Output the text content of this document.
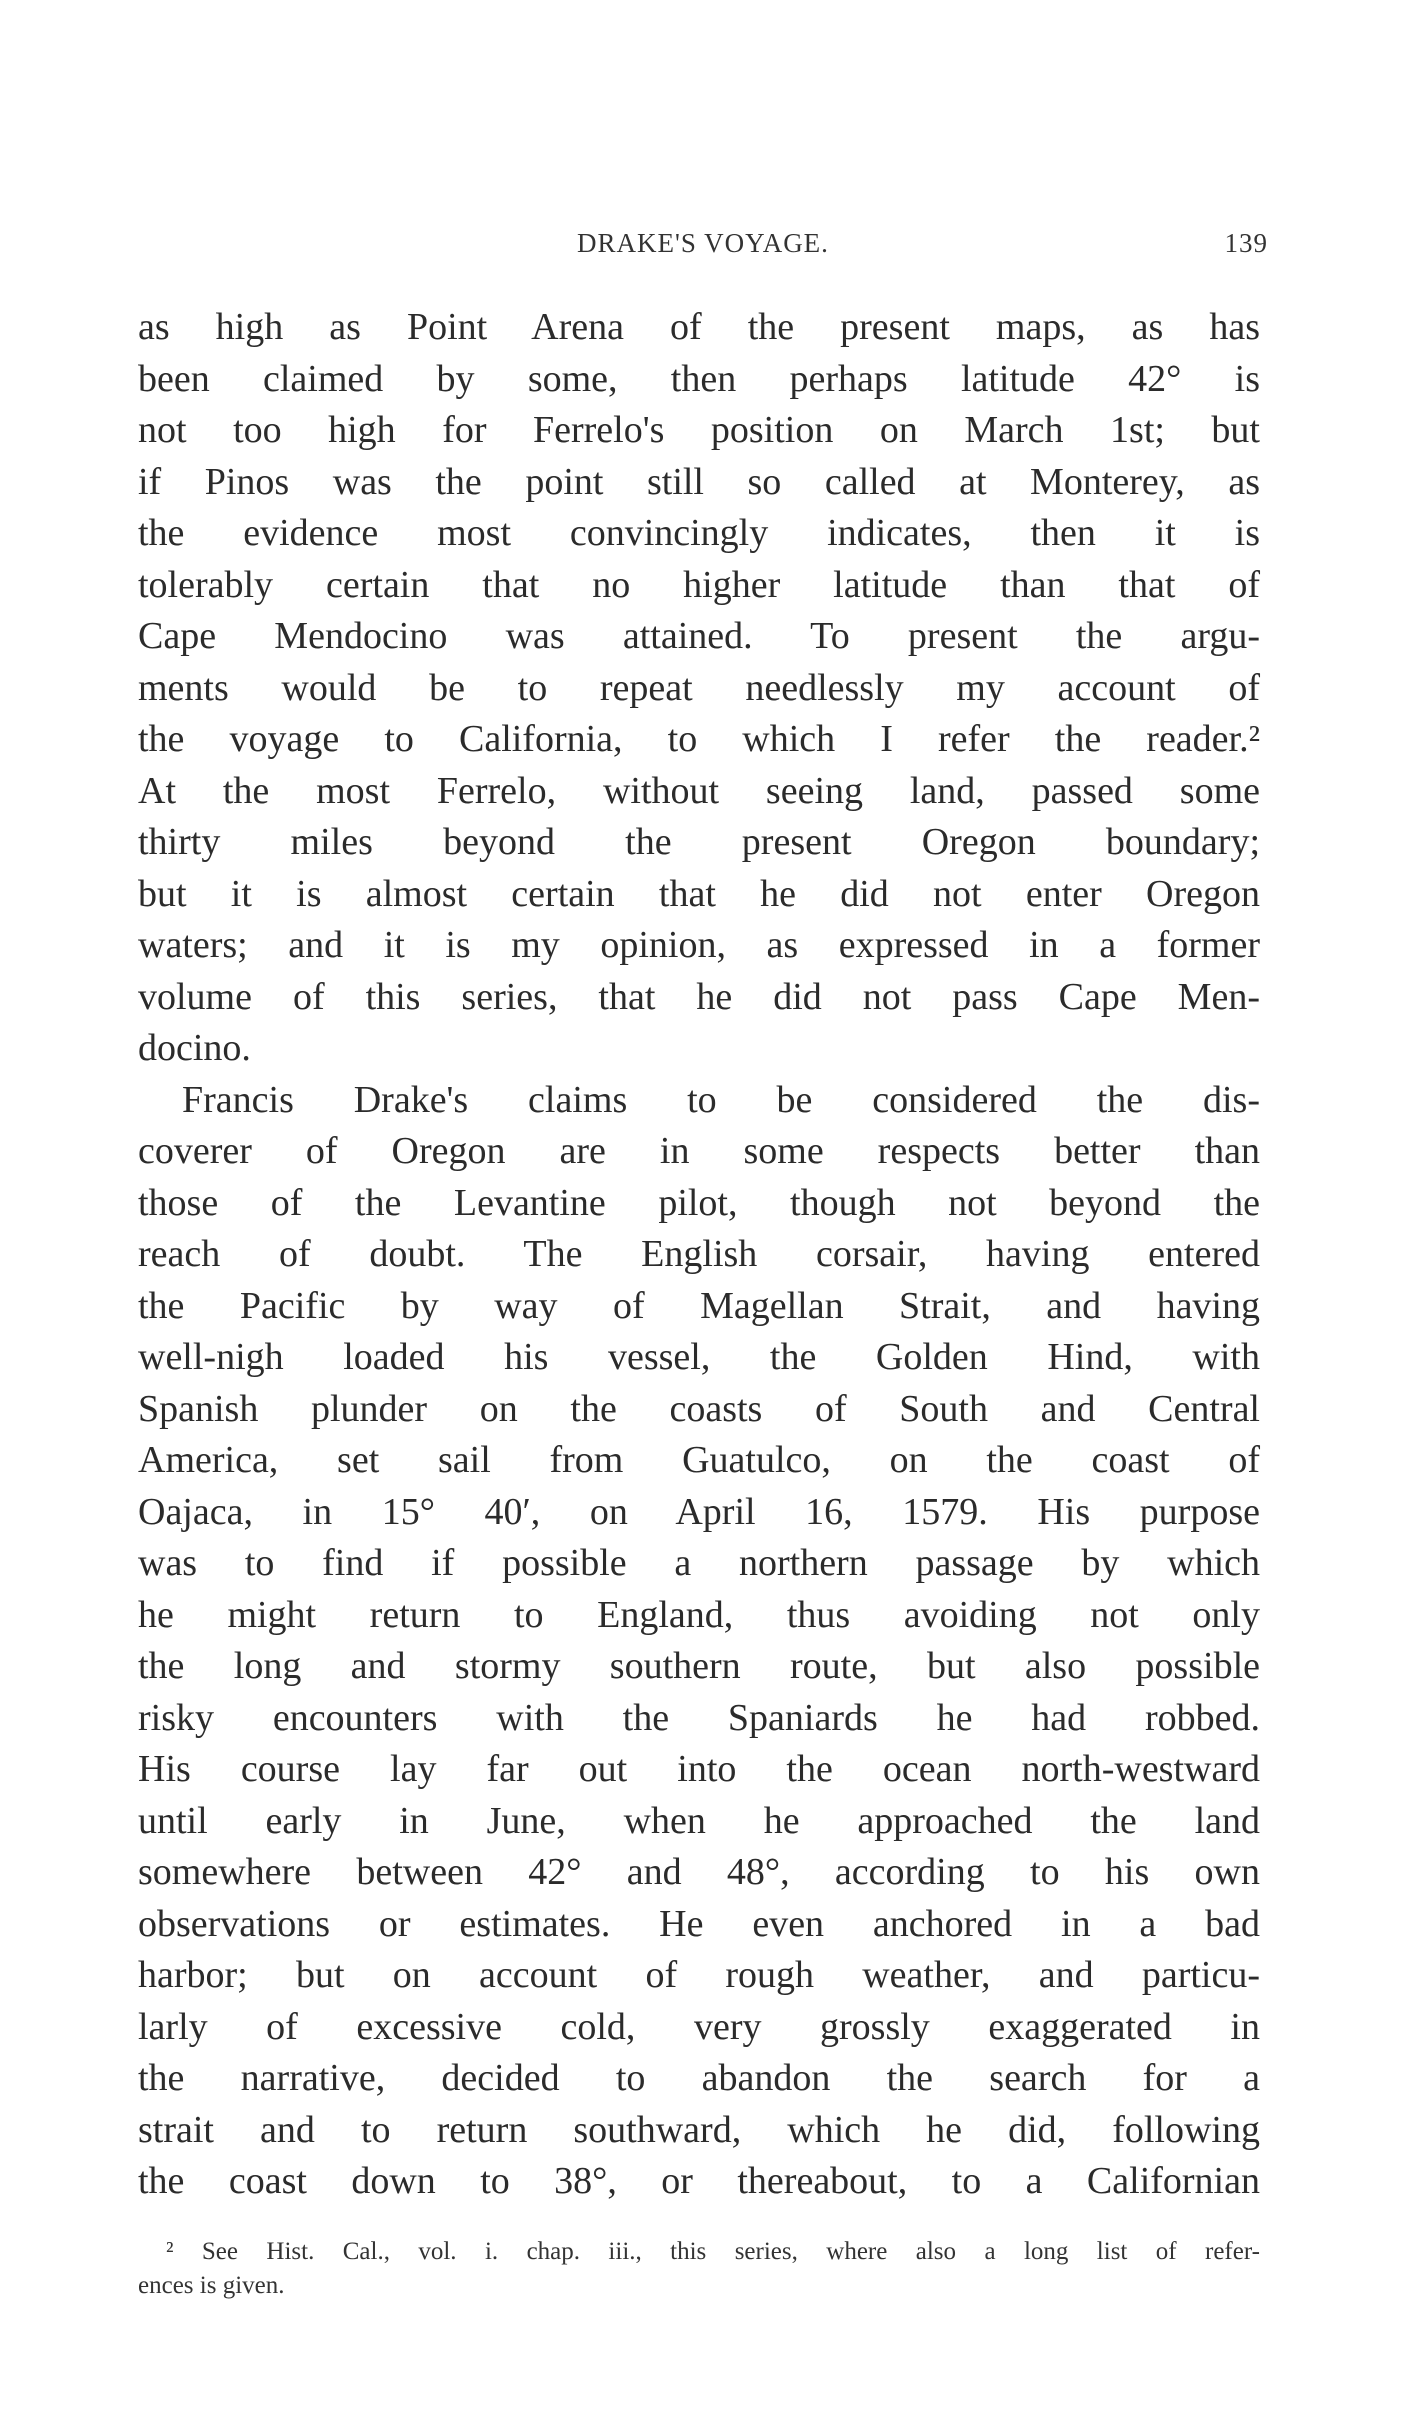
DRAKE'S VOYAGE.	139
as high as Point Arena of the present maps, as has
been claimed by some, then perhaps latitude 42° is
not too high for Ferrelo's position on March 1st; but
if Pinos was the point still so called at Monterey, as
the evidence most convincingly indicates, then it is
tolerably certain that no higher latitude than that of
Cape Mendocino was attained. To present the argu-
ments would be to repeat needlessly my account of
the voyage to California, to which I refer the reader.²
At the most Ferrelo, without seeing land, passed some
thirty miles beyond the present Oregon boundary;
but it is almost certain that he did not enter Oregon
waters; and it is my opinion, as expressed in a former
volume of this series, that he did not pass Cape Men-
docino.
Francis Drake's claims to be considered the dis-
coverer of Oregon are in some respects better than
those of the Levantine pilot, though not beyond the
reach of doubt. The English corsair, having entered
the Pacific by way of Magellan Strait, and having
well-nigh loaded his vessel, the Golden Hind, with
Spanish plunder on the coasts of South and Central
America, set sail from Guatulco, on the coast of
Oajaca, in 15° 40′, on April 16, 1579. His purpose
was to find if possible a northern passage by which
he might return to England, thus avoiding not only
the long and stormy southern route, but also possible
risky encounters with the Spaniards he had robbed.
His course lay far out into the ocean north-westward
until early in June, when he approached the land
somewhere between 42° and 48°, according to his own
observations or estimates. He even anchored in a bad
harbor; but on account of rough weather, and particu-
larly of excessive cold, very grossly exaggerated in
the narrative, decided to abandon the search for a
strait and to return southward, which he did, following
the coast down to 38°, or thereabout, to a Californian
² See Hist. Cal., vol. i. chap. iii., this series, where also a long list of refer-
ences is given.
